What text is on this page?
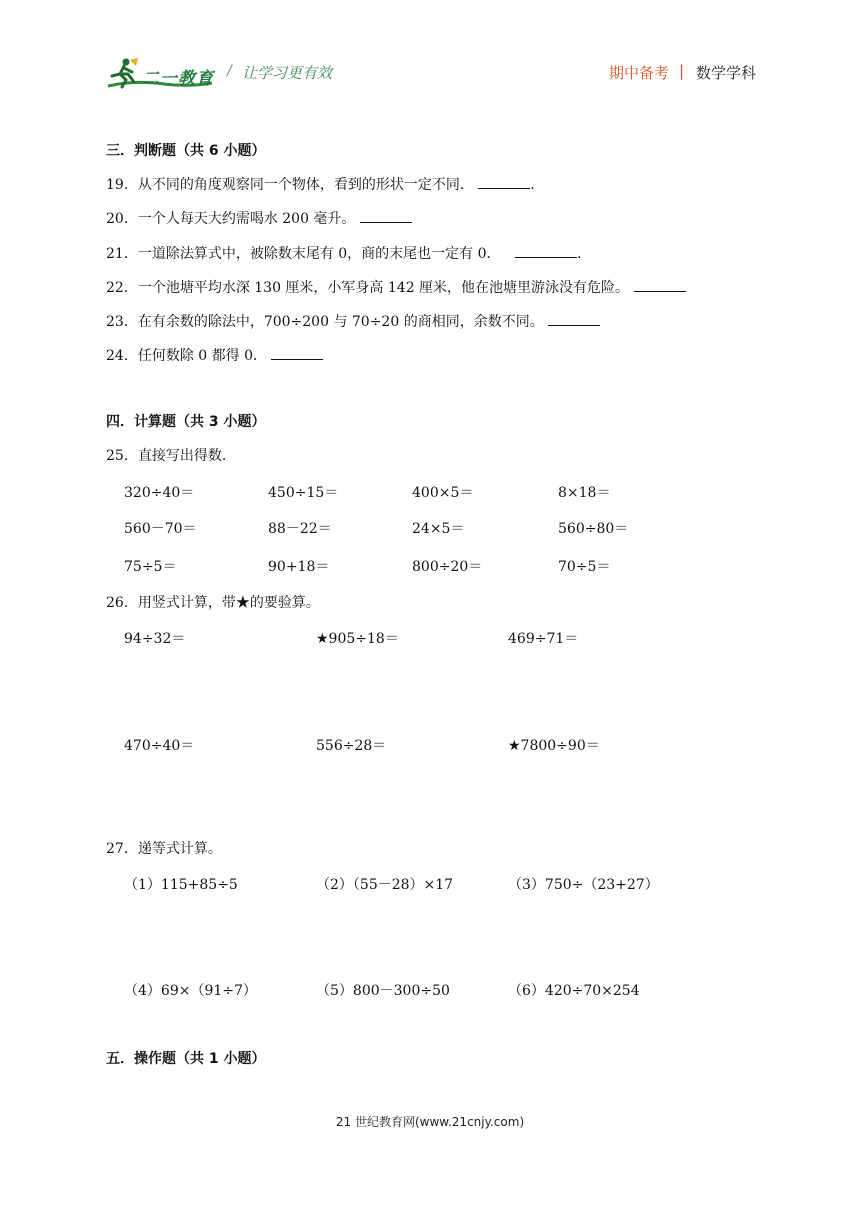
二一教育 / 让学习更有效	期中备考 | 数学学科
三．判断题（共 6 小题）
19．从不同的角度观察同一个物体，看到的形状一定不同．	.
20．一个人每天大约需喝水 200 毫升。
21．一道除法算式中，被除数末尾有 0，商的末尾也一定有 0．	.
22．一个池塘平均水深 130 厘米，小军身高 142 厘米，他在池塘里游泳没有危险。
23．在有余数的除法中，700÷200 与 70÷20 的商相同，余数不同。
24．任何数除 0 都得 0．
四．计算题（共 3 小题）
25．直接写出得数.
320÷40＝	450÷15＝	400×5＝	8×18＝
560－70＝	88－22＝	24×5＝	560÷80＝
75÷5＝	90+18＝	800÷20＝	70÷5＝
26．用竖式计算，带★的要验算。
94÷32＝	★905÷18＝	469÷71＝
470÷40＝	556÷28＝	★7800÷90＝
27．递等式计算。
（1）115+85÷5	（2）（55－28）×17	（3）750÷（23+27）
（4）69×（91÷7）	（5）800－300÷50	（6）420÷70×254
五．操作题（共 1 小题）
21 世纪教育网(www.21cnjy.com)
